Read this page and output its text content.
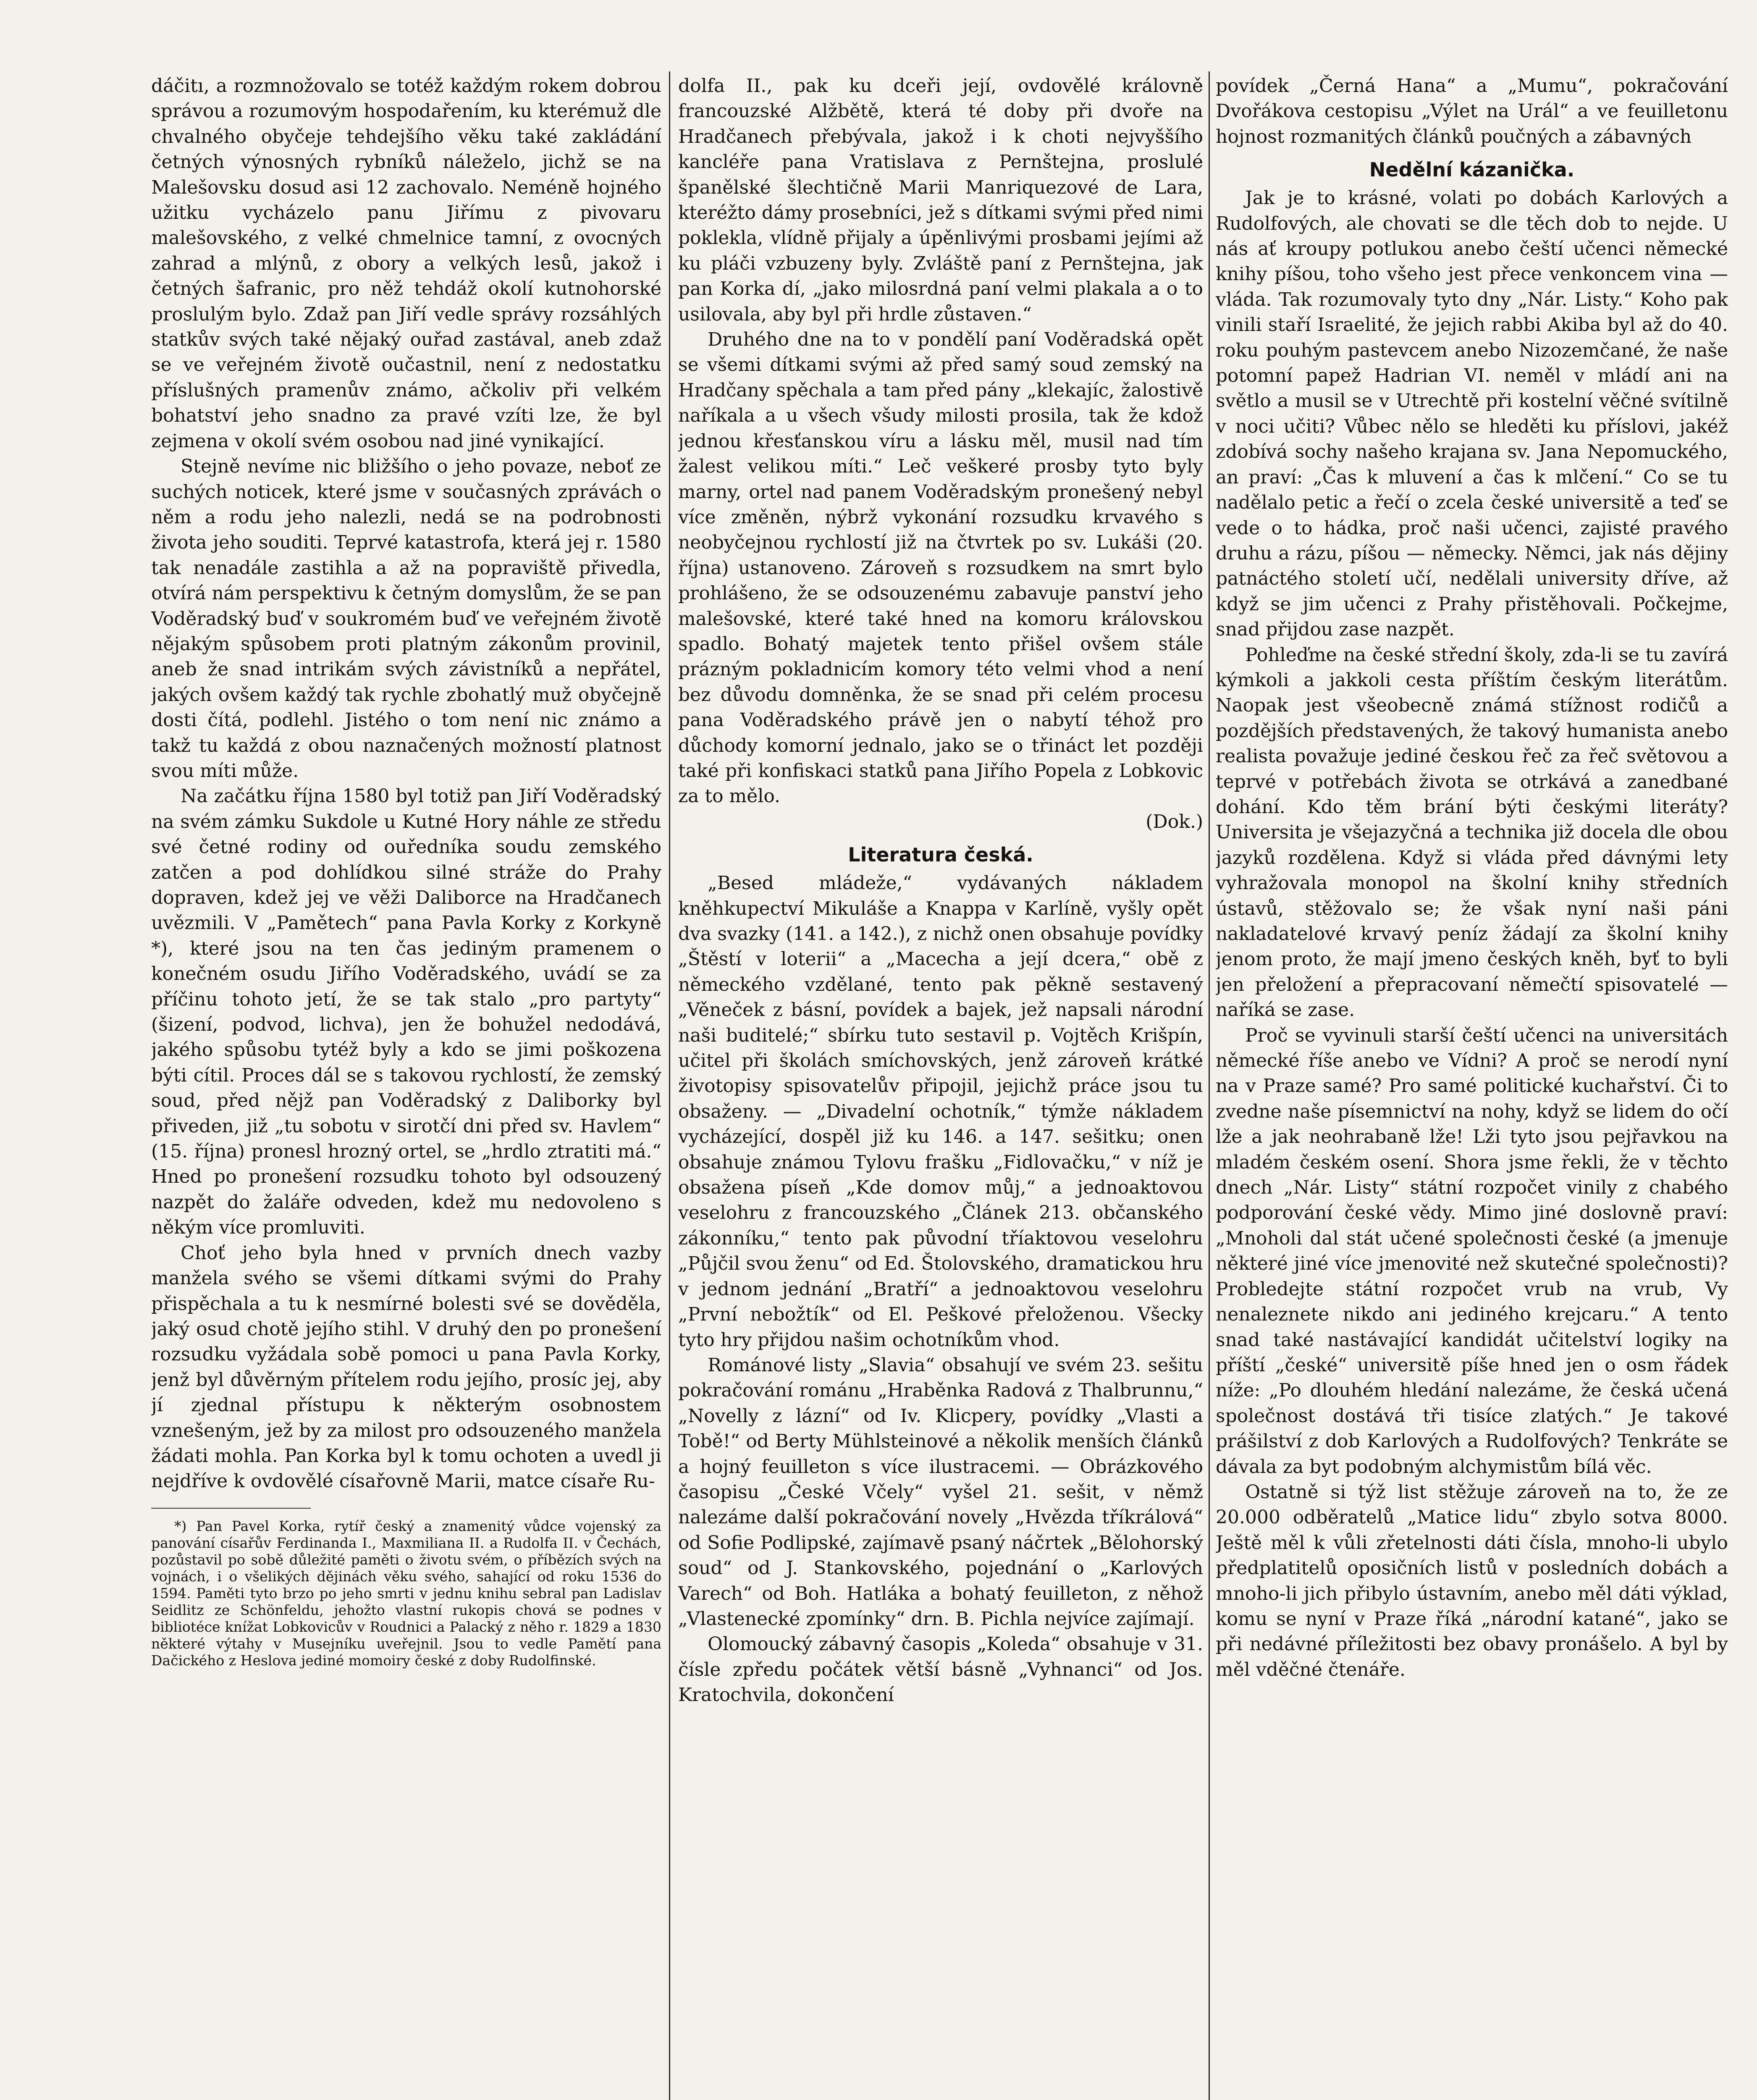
dáčitı, a rozmnožovalo se totéž každým rokem dobrou správou a rozumovým hospodařením, ku kterémuž dle chvalného obyčeje tehdejšího věku také zakládání četných výnosných rybníků náleželo, jichž se na Malešovsku dosud asi 12 zachovalo. Neméně hojného užitku vycházelo panu Jiřímu z pivovaru malešovského, z velké chmelnice tamní, z ovocných zahrad a mlýnů, z obory a velkých lesů, jakož i četných šafranic, pro něž tehdáž okolí kutnohorské proslulým bylo. Zdaž pan Jiří vedle správy rozsáhlých statkův svých také nějaký ouřad zastával, aneb zdaž se ve veřejném životě oučastnil, není z nedostatku příslušných pramenův známo, ačkoliv při velkém bohatství jeho snadno za pravé vzíti lze, že byl zejmena v okolí svém osobou nad jiné vynikající.

Stejně nevíme nic bližšího o jeho povaze, neboť ze suchých noticek, které jsme v současných zprávách o něm a rodu jeho nalezli, nedá se na podrobnosti života jeho souditi. Teprvé katastrofa, která jej r. 1580 tak nenadále zastihla a až na popraviště přivedla, otvírá nám perspektivu k četným domyslům, že se pan Voděradský buď v soukromém buď ve veřejném životě nějakým spůsobem proti platným zákonům provinil, aneb že snad intrikám svých závistníků a nepřátel, jakých ovšem každý tak rychle zbohatlý muž obyčejně dosti čítá, podlehl. Jistého o tom není nic známo a takž tu každá z obou naznačených možností platnost svou míti může.

Na začátku října 1580 byl totiž pan Jiří Voděradský na svém zámku Sukdole u Kutné Hory náhle ze středu své četné rodiny od ouředníka soudu zemského zatčen a pod dohlídkou silné stráže do Prahy dopraven, kdež jej ve věži Daliborce na Hradčanech uvězmili. V „Pamětech“ pana Pavla Korky z Korkyně *), které jsou na ten čas jediným pramenem o konečném osudu Jiřího Voděradského, uvádí se za příčinu tohoto jetí, že se tak stalo „pro partyty“ (šizení, podvod, lichva), jen že bohužel nedodává, jakého spůsobu tytéž byly a kdo se jimi poškozena býti cítil. Proces dál se s takovou rychlostí, že zemský soud, před nějž pan Voděradský z Daliborky byl přiveden, již „tu sobotu v sirotčí dni před sv. Havlem“ (15. října) pronesl hrozný ortel, se „hrdlo ztratiti má.“ Hned po pronešení rozsudku tohoto byl odsouzený nazpět do žaláře odveden, kdež mu nedovoleno s někým více promluviti.

Choť jeho byla hned v prvních dnech vazby manžela svého se všemi dítkami svými do Prahy přispěchala a tu k nesmírné bolesti své se dověděla, jaký osud chotě jejího stihl. V druhý den po pronešení rozsudku vyžádala sobě pomoci u pana Pavla Korky, jenž byl důvěrným přítelem rodu jejího, prosíc jej, aby jí zjednal přístupu k některým osobnostem vznešeným, jež by za milost pro odsouzeného manžela žádati mohla. Pan Korka byl k tomu ochoten a uvedl ji nejdříve k ovdovělé císařovně Marii, matce císaře Ru-

*) Pan Pavel Korka, rytíř český a znamenitý vůdce vojenský za panování císařův Ferdinanda I., Maxmiliana II. a Rudolfa II. v Čechách, pozůstavil po sobě důležité paměti o životu svém, o příbězích svých na vojnách, i o všelikých dějinách věku svého, sahající od roku 1536 do 1594. Paměti tyto brzo po jeho smrti v jednu knihu sebral pan Ladislav Seidlitz ze Schönfeldu, jehožto vlastní rukopis chová se podnes v bibliotéce knížat Lobkovicův v Roudnici a Palacký z něho r. 1829 a 1830 některé výtahy v Musejníku uveřejnil. Jsou to vedle Pamětí pana Dačického z Heslova jediné momoiry české z doby Rudolfinské.

dolfa II., pak ku dceři její, ovdovělé královně francouzské Alžbětě, která té doby při dvoře na Hradčanech přebývala, jakož i k choti nejvyššího kancléře pana Vratislava z Pernštejna, proslulé španělské šlechtičně Marii Manriquezové de Lara, kteréžto dámy prosebníci, jež s dítkami svými před nimi poklekla, vlídně přijaly a úpěnlivými prosbami jejími až ku pláči vzbuzeny byly. Zvláště paní z Pernštejna, jak pan Korka dí, „jako milosrdná paní velmi plakala a o to usilovala, aby byl při hrdle zůstaven.“

Druhého dne na to v pondělí paní Voděradská opět se všemi dítkami svými až před samý soud zemský na Hradčany spěchala a tam před pány „klekajíc, žalostivě naříkala a u všech všudy milosti prosila, tak že kdož jednou křesťanskou víru a lásku měl, musil nad tím žalest velikou míti.“ Leč veškeré prosby tyto byly marny, ortel nad panem Voděradským pronešený nebyl více změněn, nýbrž vykonání rozsudku krvavého s neobyčejnou rychlostí již na čtvrtek po sv. Lukáši (20. října) ustanoveno. Zároveň s rozsudkem na smrt bylo prohlášeno, že se odsouzenému zabavuje panství jeho malešovské, které také hned na komoru královskou spadlo. Bohatý majetek tento přišel ovšem stále prázným pokladnicím komory této velmi vhod a není bez důvodu domněnka, že se snad při celém procesu pana Voděradského právě jen o nabytí téhož pro důchody komorní jednalo, jako se o třináct let později také při konfiskaci statků pana Jiřího Popela z Lobkovic za to mělo.

(Dok.)

Literatura česká.

„Besed mládeže,“ vydávaných nákladem kněhkupectví Mikuláše a Knappa v Karlíně, vyšly opět dva svazky (141. a 142.), z nichž onen obsahuje povídky „Štěstí v loterii“ a „Macecha a její dcera,“ obě z německého vzdělané, tento pak pěkně sestavený „Věneček z básní, povídek a bajek, jež napsali národní naši buditelé;“ sbírku tuto sestavil p. Vojtěch Krišpín, učitel při školách smíchovských, jenž zároveň krátké životopisy spisovatelův připojil, jejichž práce jsou tu obsaženy. — „Divadelní ochotník,“ týmže nákladem vycházející, dospěl již ku 146. a 147. sešitku; onen obsahuje známou Tylovu frašku „Fidlovačku,“ v níž je obsažena píseň „Kde domov můj,“ a jednoaktovou veselohru z francouzského „Článek 213. občanského zákonníku,“ tento pak původní tříaktovou veselohru „Půjčil svou ženu“ od Ed. Štolovského, dramatickou hru v jednom jednání „Bratří“ a jednoaktovou veselohru „První nebožtík“ od El. Peškové přeloženou. Všecky tyto hry přijdou našim ochotníkům vhod.

Románové listy „Slavia“ obsahují ve svém 23. sešitu pokračování románu „Hraběnka Radová z Thalbrunnu,“ „Novelly z lázní“ od Iv. Klicpery, povídky „Vlasti a Tobě!“ od Berty Mühlsteinové a několik menších článků a hojný feuilleton s více ilustracemi. — Obrázkového časopisu „České Včely“ vyšel 21. sešit, v němž nalezáme další pokračování novely „Hvězda tříkrálová“ od Sofie Podlipské, zajímavě psaný náčrtek „Bělohorský soud“ od J. Stankovského, pojednání o „Karlových Varech“ od Boh. Hatláka a bohatý feuilleton, z něhož „Vlastenecké zpomínky“ drn. B. Pichla nejvíce zajímají.

Olomoucký zábavný časopis „Koleda“ obsahuje v 31. čísle zpředu počátek větší básně „Vyhnanci“ od Jos. Kratochvila, dokončení

povídek „Černá Hana“ a „Mumu“, pokračování Dvořákova cestopisu „Výlet na Urál“ a ve feuilletonu hojnost rozmanitých článků poučných a zábavných

Nedělní kázanička.

Jak je to krásné, volati po dobách Karlových a Rudolfových, ale chovati se dle těch dob to nejde. U nás ať kroupy potlukou anebo čeští učenci německé knihy píšou, toho všeho jest přece venkoncem vina — vláda. Tak rozumovaly tyto dny „Nár. Listy.“ Koho pak vinili staří Israelité, že jejich rabbi Akiba byl až do 40. roku pouhým pastevcem anebo Nizozemčané, že naše potomní papež Hadrian VI. neměl v mládí ani na světlo a musil se v Utrechtě při kostelní věčné svítilně v noci učiti? Vůbec nělo se hleděti ku příslovi, jakéž zdobívá sochy našeho krajana sv. Jana Nepomuckého, an praví: „Čas k mluvení a čas k mlčení.“ Co se tu nadělalo petic a řečí o zcela české universitě a teď se vede o to hádka, proč naši učenci, zajisté pravého druhu a rázu, píšou — německy. Němci, jak nás dějiny patnáctého století učí, nedělali university dříve, až když se jim učenci z Prahy přistěhovali. Počkejme, snad přijdou zase nazpět.

Pohleďme na české střední školy, zda-li se tu zavírá kýmkoli a jakkoli cesta příštím českým literátům. Naopak jest všeobecně známá stížnost rodičů a pozdějších představených, že takový humanista anebo realista považuje jediné českou řeč za řeč světovou a teprvé v potřebách života se otrkává a zanedbané dohání. Kdo těm brání býti českými literáty? Universita je všejazyčná a technika již docela dle obou jazyků rozdělena. Když si vláda před dávnými lety vyhražovala monopol na školní knihy středních ústavů, stěžovalo se; že však nyní naši páni nakladatelové krvavý peníz žádají za školní knihy jenom proto, že mají jmeno českých kněh, byť to byli jen přeložení a přepracovaní němečtí spisovatelé — naříká se zase.

Proč se vyvinuli starší čeští učenci na universitách německé říše anebo ve Vídni? A proč se nerodí nyní na v Praze samé? Pro samé politické kuchařství. Či to zvedne naše písemnictví na nohy, když se lidem do očí lže a jak neohrabaně lže! Lži tyto jsou pejřavkou na mladém českém osení. Shora jsme řekli, že v těchto dnech „Nár. Listy“ státní rozpočet vinily z chabého podporování české vědy. Mimo jiné doslovně praví: „Mnoholi dal stát učené společnosti české (a jmenuje některé jiné více jmenovité než skutečné společnosti)? Probledejte státní rozpočet vrub na vrub, Vy nenaleznete nikdo ani jediného krejcaru.“ A tento snad také nastávající kandidát učitelství logiky na příští „české“ universitě píše hned jen o osm řádek níže: „Po dlouhém hledání nalezáme, že česká učená společnost dostává tři tisíce zlatých.“ Je takové prášilství z dob Karlových a Rudolfových? Tenkráte se dávala za byt podobným alchymistům bílá věc.

Ostatně si týž list stěžuje zároveň na to, že ze 20.000 odběratelů „Matice lidu“ zbylo sotva 8000. Ještě měl k vůli zřetelnosti dáti čísla, mnoho-li ubylo předplatitelů oposičních listů v posledních dobách a mnoho-li jich přibylo ústavním, anebo měl dáti výklad, komu se nyní v Praze říká „národní katané“, jako se při nedávné příležitosti bez obavy pronášelo. A byl by měl vděčné čtenáře.
